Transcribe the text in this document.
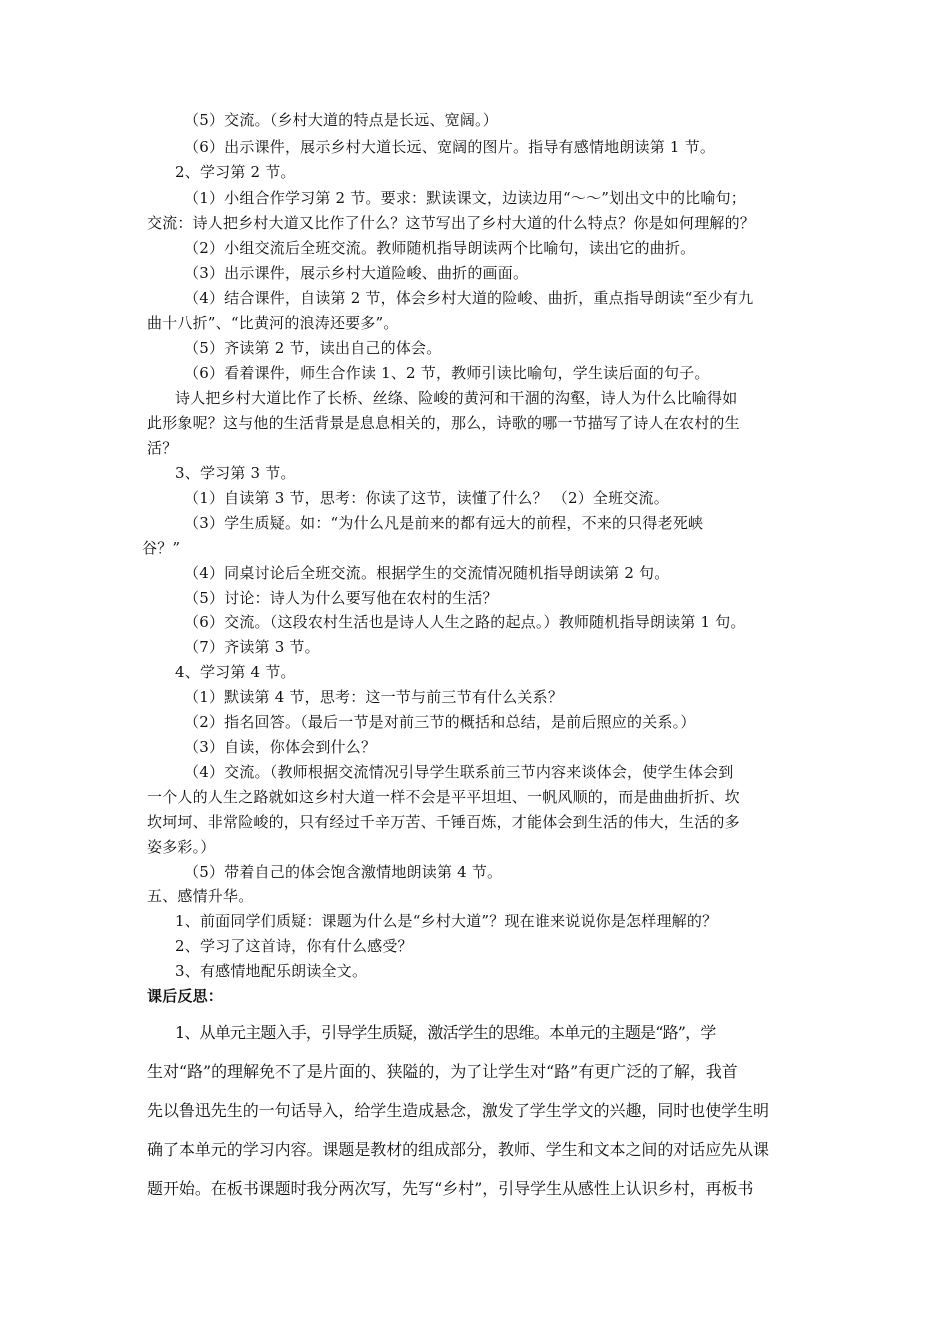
（5）交流。（乡村大道的特点是长远、宽阔。）
（6）出示课件，展示乡村大道长远、宽阔的图片。指导有感情地朗读第 1 节。
2、学习第 2 节。
（1）小组合作学习第 2 节。要求：默读课文，边读边用“～～”划出文中的比喻句；
交流：诗人把乡村大道又比作了什么？这节写出了乡村大道的什么特点？你是如何理解的？
（2）小组交流后全班交流。教师随机指导朗读两个比喻句，读出它的曲折。
（3）出示课件，展示乡村大道险峻、曲折的画面。
（4）结合课件，自读第 2 节，体会乡村大道的险峻、曲折，重点指导朗读“至少有九
曲十八折”、“比黄河的浪涛还要多”。
（5）齐读第 2 节，读出自己的体会。
（6）看着课件，师生合作读 1、2 节，教师引读比喻句，学生读后面的句子。
诗人把乡村大道比作了长桥、丝绦、险峻的黄河和干涸的沟壑，诗人为什么比喻得如
此形象呢？这与他的生活背景是息息相关的，那么，诗歌的哪一节描写了诗人在农村的生
活？
3、学习第 3 节。
（1）自读第 3 节，思考：你读了这节，读懂了什么？ （2）全班交流。
（3）学生质疑。如：“为什么凡是前来的都有远大的前程，不来的只得老死峡
谷？”
（4）同桌讨论后全班交流。根据学生的交流情况随机指导朗读第 2 句。
（5）讨论：诗人为什么要写他在农村的生活？
（6）交流。（这段农村生活也是诗人人生之路的起点。）教师随机指导朗读第 1 句。
（7）齐读第 3 节。
4、学习第 4 节。
（1）默读第 4 节，思考：这一节与前三节有什么关系？
（2）指名回答。（最后一节是对前三节的概括和总结，是前后照应的关系。）
（3）自读，你体会到什么？
（4）交流。（教师根据交流情况引导学生联系前三节内容来谈体会，使学生体会到
一个人的人生之路就如这乡村大道一样不会是平平坦坦、一帆风顺的，而是曲曲折折、坎
坎坷坷、非常险峻的，只有经过千辛万苦、千锤百炼，才能体会到生活的伟大，生活的多
姿多彩。）
（5）带着自己的体会饱含激情地朗读第 4 节。
五、感情升华。
1、前面同学们质疑：课题为什么是“乡村大道”？现在谁来说说你是怎样理解的？
2、学习了这首诗，你有什么感受？
3、有感情地配乐朗读全文。
课后反思：
1、从单元主题入手，引导学生质疑，激活学生的思维。本单元的主题是“路”，学
生对“路”的理解免不了是片面的、狭隘的，为了让学生对“路”有更广泛的了解，我首
先以鲁迅先生的一句话导入，给学生造成悬念，激发了学生学文的兴趣，同时也使学生明
确了本单元的学习内容。课题是教材的组成部分，教师、学生和文本之间的对话应先从课
题开始。在板书课题时我分两次写，先写“乡村”，引导学生从感性上认识乡村，再板书
